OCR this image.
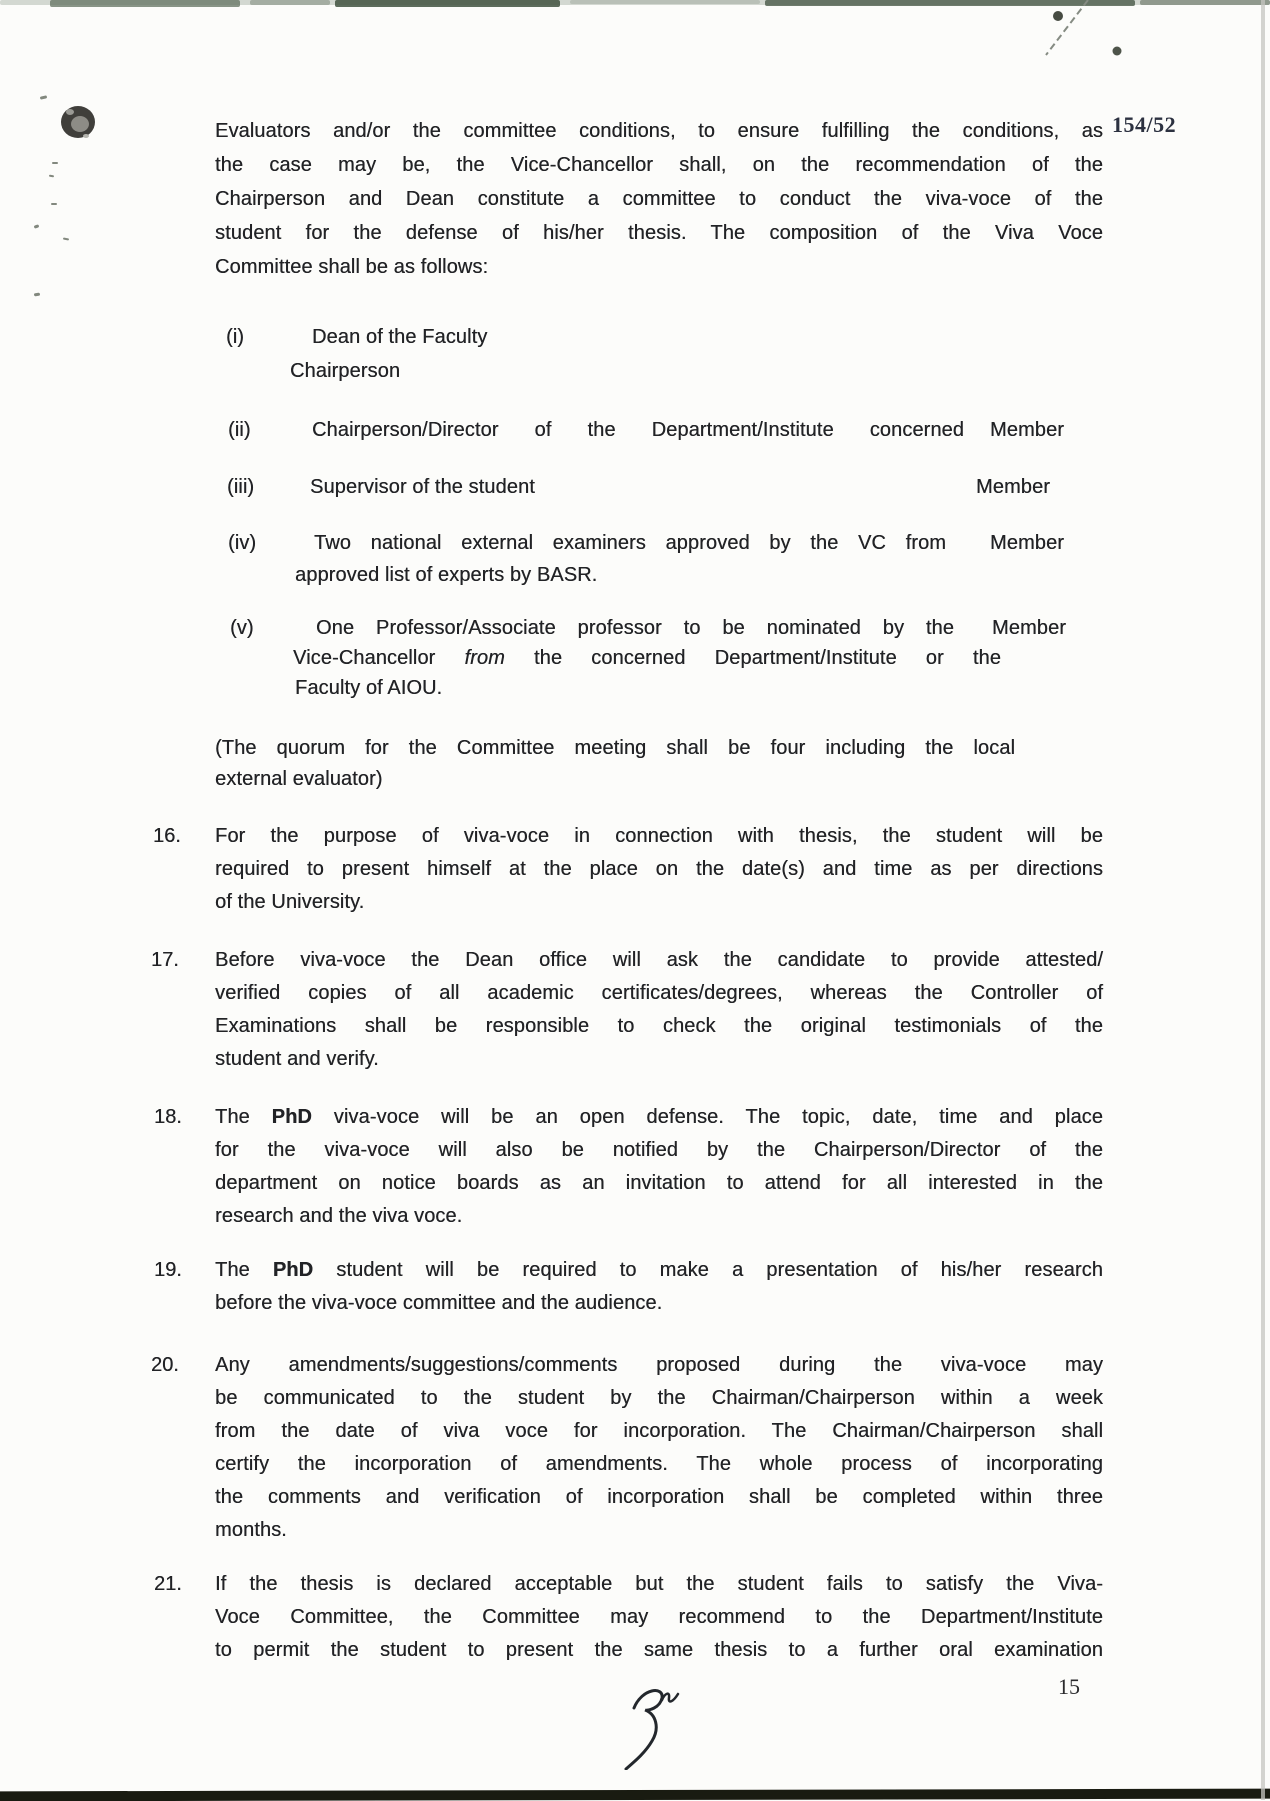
154/52
15
Evaluators and/or the committee conditions, to ensure fulfilling the conditions, as
the case may be, the Vice-Chancellor shall, on the recommendation of the
Chairperson and Dean constitute a committee to conduct the viva-voce of the
student for the defense of his/her thesis. The composition of the Viva Voce
Committee shall be as follows:
(i)	Dean of the Faculty
Chairperson
(ii)	Chairperson/Director of the Department/Institute concerned Member
(iii)	Supervisor of the student	Member
(iv)	Two national external examiners approved by the VC from
approved list of experts by BASR.
Member
(v)	One Professor/Associate professor to be nominated by the
Vice-Chancellor from the concerned Department/Institute or the
Faculty of AIOU.
Member
(The quorum for the Committee meeting shall be four including the local
external evaluator)
16.	For the purpose of viva-voce in connection with thesis, the student will be
required to present himself at the place on the date(s) and time as per directions
of the University.
17.	Before viva-voce the Dean office will ask the candidate to provide attested/
verified copies of all academic certificates/degrees, whereas the Controller of
Examinations shall be responsible to check the original testimonials of the
student and verify.
18.	The PhD viva-voce will be an open defense. The topic, date, time and place
for the viva-voce will also be notified by the Chairperson/Director of the
department on notice boards as an invitation to attend for all interested in the
research and the viva voce.
19.	The PhD student will be required to make a presentation of his/her research
before the viva-voce committee and the audience.
20.	Any amendments/suggestions/comments proposed during the viva-voce may
be communicated to the student by the Chairman/Chairperson within a week
from the date of viva voce for incorporation. The Chairman/Chairperson shall
certify the incorporation of amendments. The whole process of incorporating
the comments and verification of incorporation shall be completed within three
months.
21.	If the thesis is declared acceptable but the student fails to satisfy the Viva-
Voce Committee, the Committee may recommend to the Department/Institute
to permit the student to present the same thesis to a further oral examination
